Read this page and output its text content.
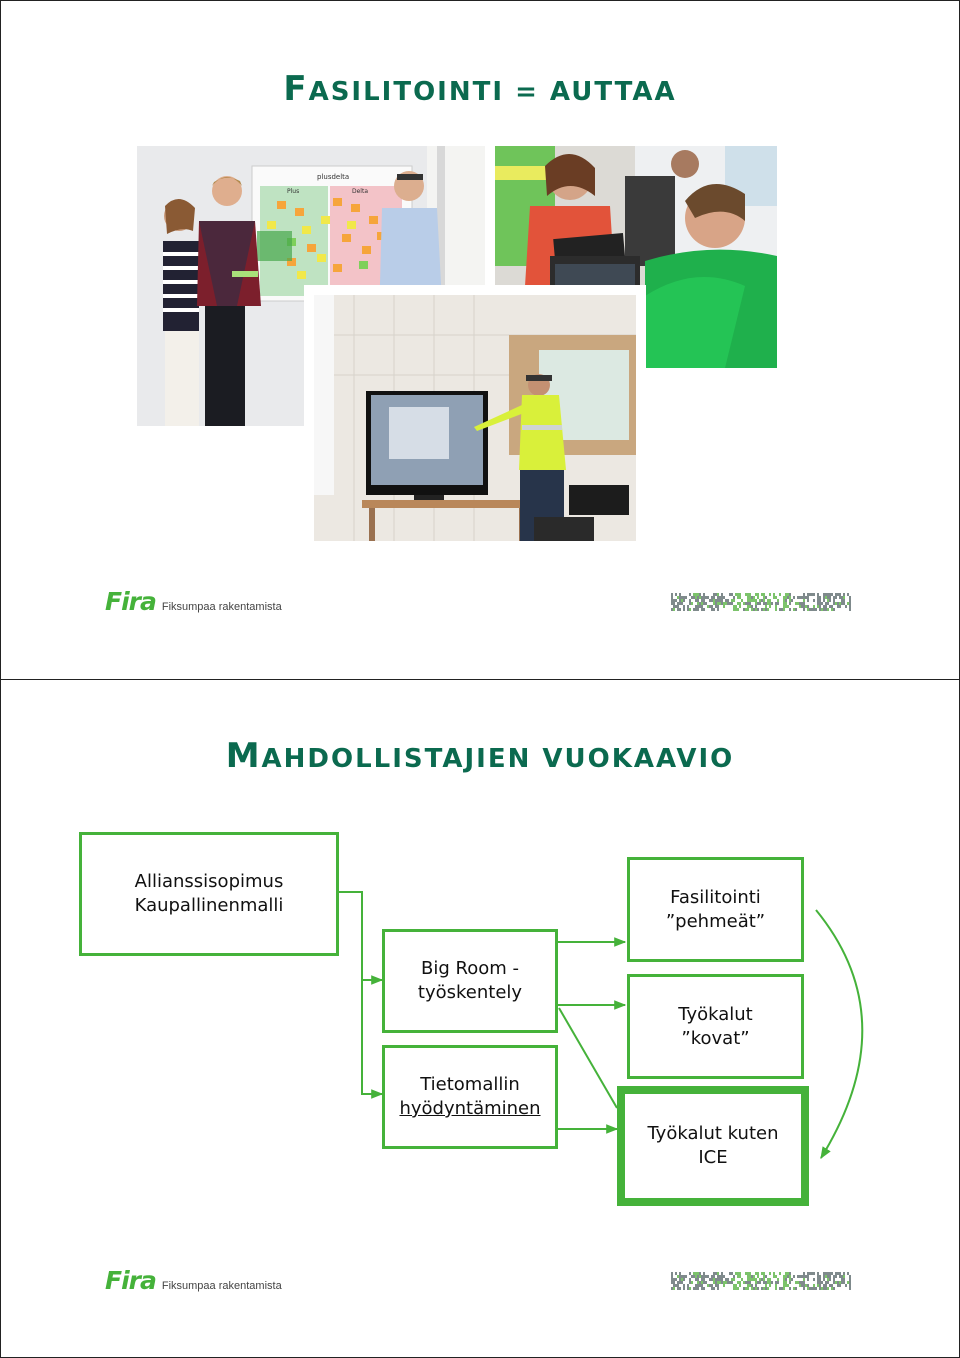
FASILITOINTI = AUTTAA
plusdelta
Plus	Delta
Fira Fiksumpaa rakentamista
MAHDOLLISTAJIEN VUOKAAVIO
Allianssisopimus
Kaupallinenmalli
Big Room -
työskentely
Tietomallin
hyödyntäminen
Fasilitointi
”pehmeät”
Työkalut
”kovat”
Työkalut kuten
ICE
Fira Fiksumpaa rakentamista
